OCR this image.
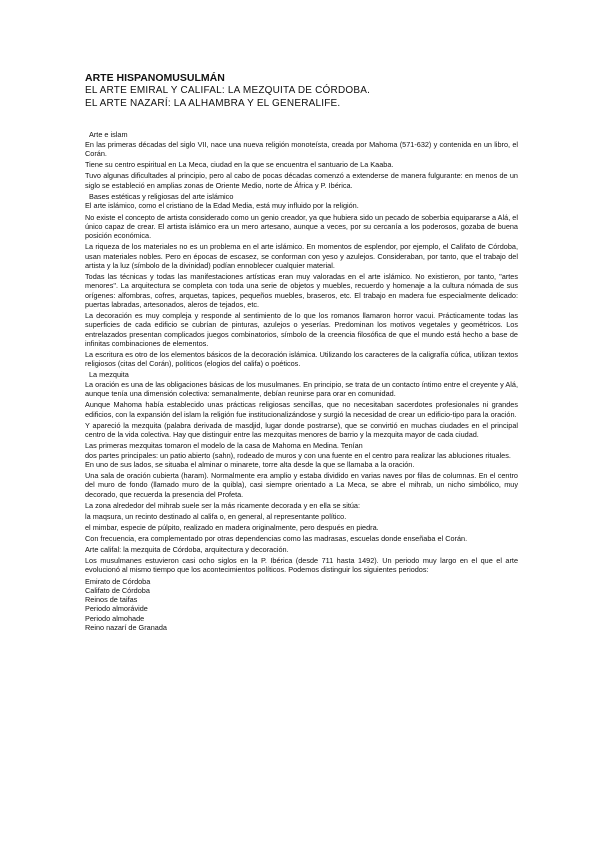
ARTE HISPANOMUSULMÁN

EL ARTE EMIRAL Y CALIFAL: LA MEZQUITA DE CÓRDOBA.

EL ARTE NAZARÍ: LA ALHAMBRA Y EL GENERALIFE.

Arte e islam

En las primeras décadas del siglo VII, nace una nueva religión monoteísta, creada por Mahoma (571-632) y contenida en un libro, el Corán.

Tiene su centro espiritual en La Meca, ciudad en la que se encuentra el santuario de La Kaaba.

Tuvo algunas dificultades al principio, pero al cabo de pocas décadas comenzó a extenderse de manera fulgurante: en menos de un siglo se estableció en amplias zonas de Oriente Medio, norte de África y P. Ibérica.

Bases estéticas y religiosas del arte islámico

El arte islámico, como el cristiano de la Edad Media, está muy influido por la religión.

No existe el concepto de artista considerado como un genio creador, ya que hubiera sido un pecado de soberbia equipararse a Alá, el único capaz de crear. El artista islámico era un mero artesano, aunque a veces, por su cercanía a los poderosos, gozaba de buena posición económica.

La riqueza de los materiales no es un problema en el arte islámico. En momentos de esplendor, por ejemplo, el Califato de Córdoba, usan materiales nobles. Pero en épocas de escasez, se conforman con yeso y azulejos. Consideraban, por tanto, que el trabajo del artista y la luz (símbolo de la divinidad) podían ennoblecer cualquier material.

Todas las técnicas y todas las manifestaciones artísticas eran muy valoradas en el arte islámico. No existieron, por tanto, "artes menores". La arquitectura se completa con toda una serie de objetos y muebles, recuerdo y homenaje a la cultura nómada de sus orígenes: alfombras, cofres, arquetas, tapices, pequeños muebles, braseros, etc. El trabajo en madera fue especialmente delicado: puertas labradas, artesonados, aleros de tejados, etc.

La decoración es muy compleja y responde al sentimiento de lo que los romanos llamaron horror vacui. Prácticamente todas las superficies de cada edificio se cubrían de pinturas, azulejos o yeserías. Predominan los motivos vegetales y geométricos. Los entrelazados presentan complicados juegos combinatorios, símbolo de la creencia filosófica de que el mundo está hecho a base de infinitas combinaciones de elementos.

La escritura es otro de los elementos básicos de la decoración islámica. Utilizando los caracteres de la caligrafía cúfica, utilizan textos religiosos (citas del Corán), políticos (elogios del califa) o poéticos.

La mezquita

La oración es una de las obligaciones básicas de los musulmanes. En principio, se trata de un contacto íntimo entre el creyente y Alá, aunque tenía una dimensión colectiva: semanalmente, debían reunirse para orar en comunidad.

Aunque Mahoma había establecido unas prácticas religiosas sencillas, que no necesitaban sacerdotes profesionales ni grandes edificios, con la expansión del islam la religión fue institucionalizándose y surgió la necesidad de crear un edificio-tipo para la oración.

Y apareció la mezquita (palabra derivada de masdjid, lugar donde postrarse), que se convirtió en muchas ciudades en el principal centro de la vida colectiva. Hay que distinguir entre las mezquitas menores de barrio y la mezquita mayor de cada ciudad.

Las primeras mezquitas tomaron el modelo de la casa de Mahoma en Medina. Tenían

dos partes principales: un patio abierto (sahn), rodeado de muros y con una fuente en el centro para realizar las abluciones rituales. En uno de sus lados, se situaba el alminar o minarete, torre alta desde la que se llamaba a la oración.

Una sala de oración cubierta (haram). Normalmente era amplio y estaba dividido en varias naves por filas de columnas. En el centro del muro de fondo (llamado muro de la quibla), casi siempre orientado a La Meca, se abre el mihrab, un nicho simbólico, muy decorado, que recuerda la presencia del Profeta.

La zona alrededor del mihrab suele ser la más ricamente decorada y en ella se sitúa:

la maqsura, un recinto destinado al califa o, en general, al representante político.

el mimbar, especie de púlpito, realizado en madera originalmente, pero después en piedra.

Con frecuencia, era complementado por otras dependencias como las madrasas, escuelas donde enseñaba el Corán.

Arte califal: la mezquita de Córdoba, arquitectura y decoración.

Los musulmanes estuvieron casi ocho siglos en la P. Ibérica (desde 711 hasta 1492). Un periodo muy largo en el que el arte evolucionó al mismo tiempo que los acontecimientos políticos. Podemos distinguir los siguientes periodos:

Emirato de Córdoba

Califato de Córdoba

Reinos de taifas

Periodo almorávide

Periodo almohade

Reino nazarí de Granada
